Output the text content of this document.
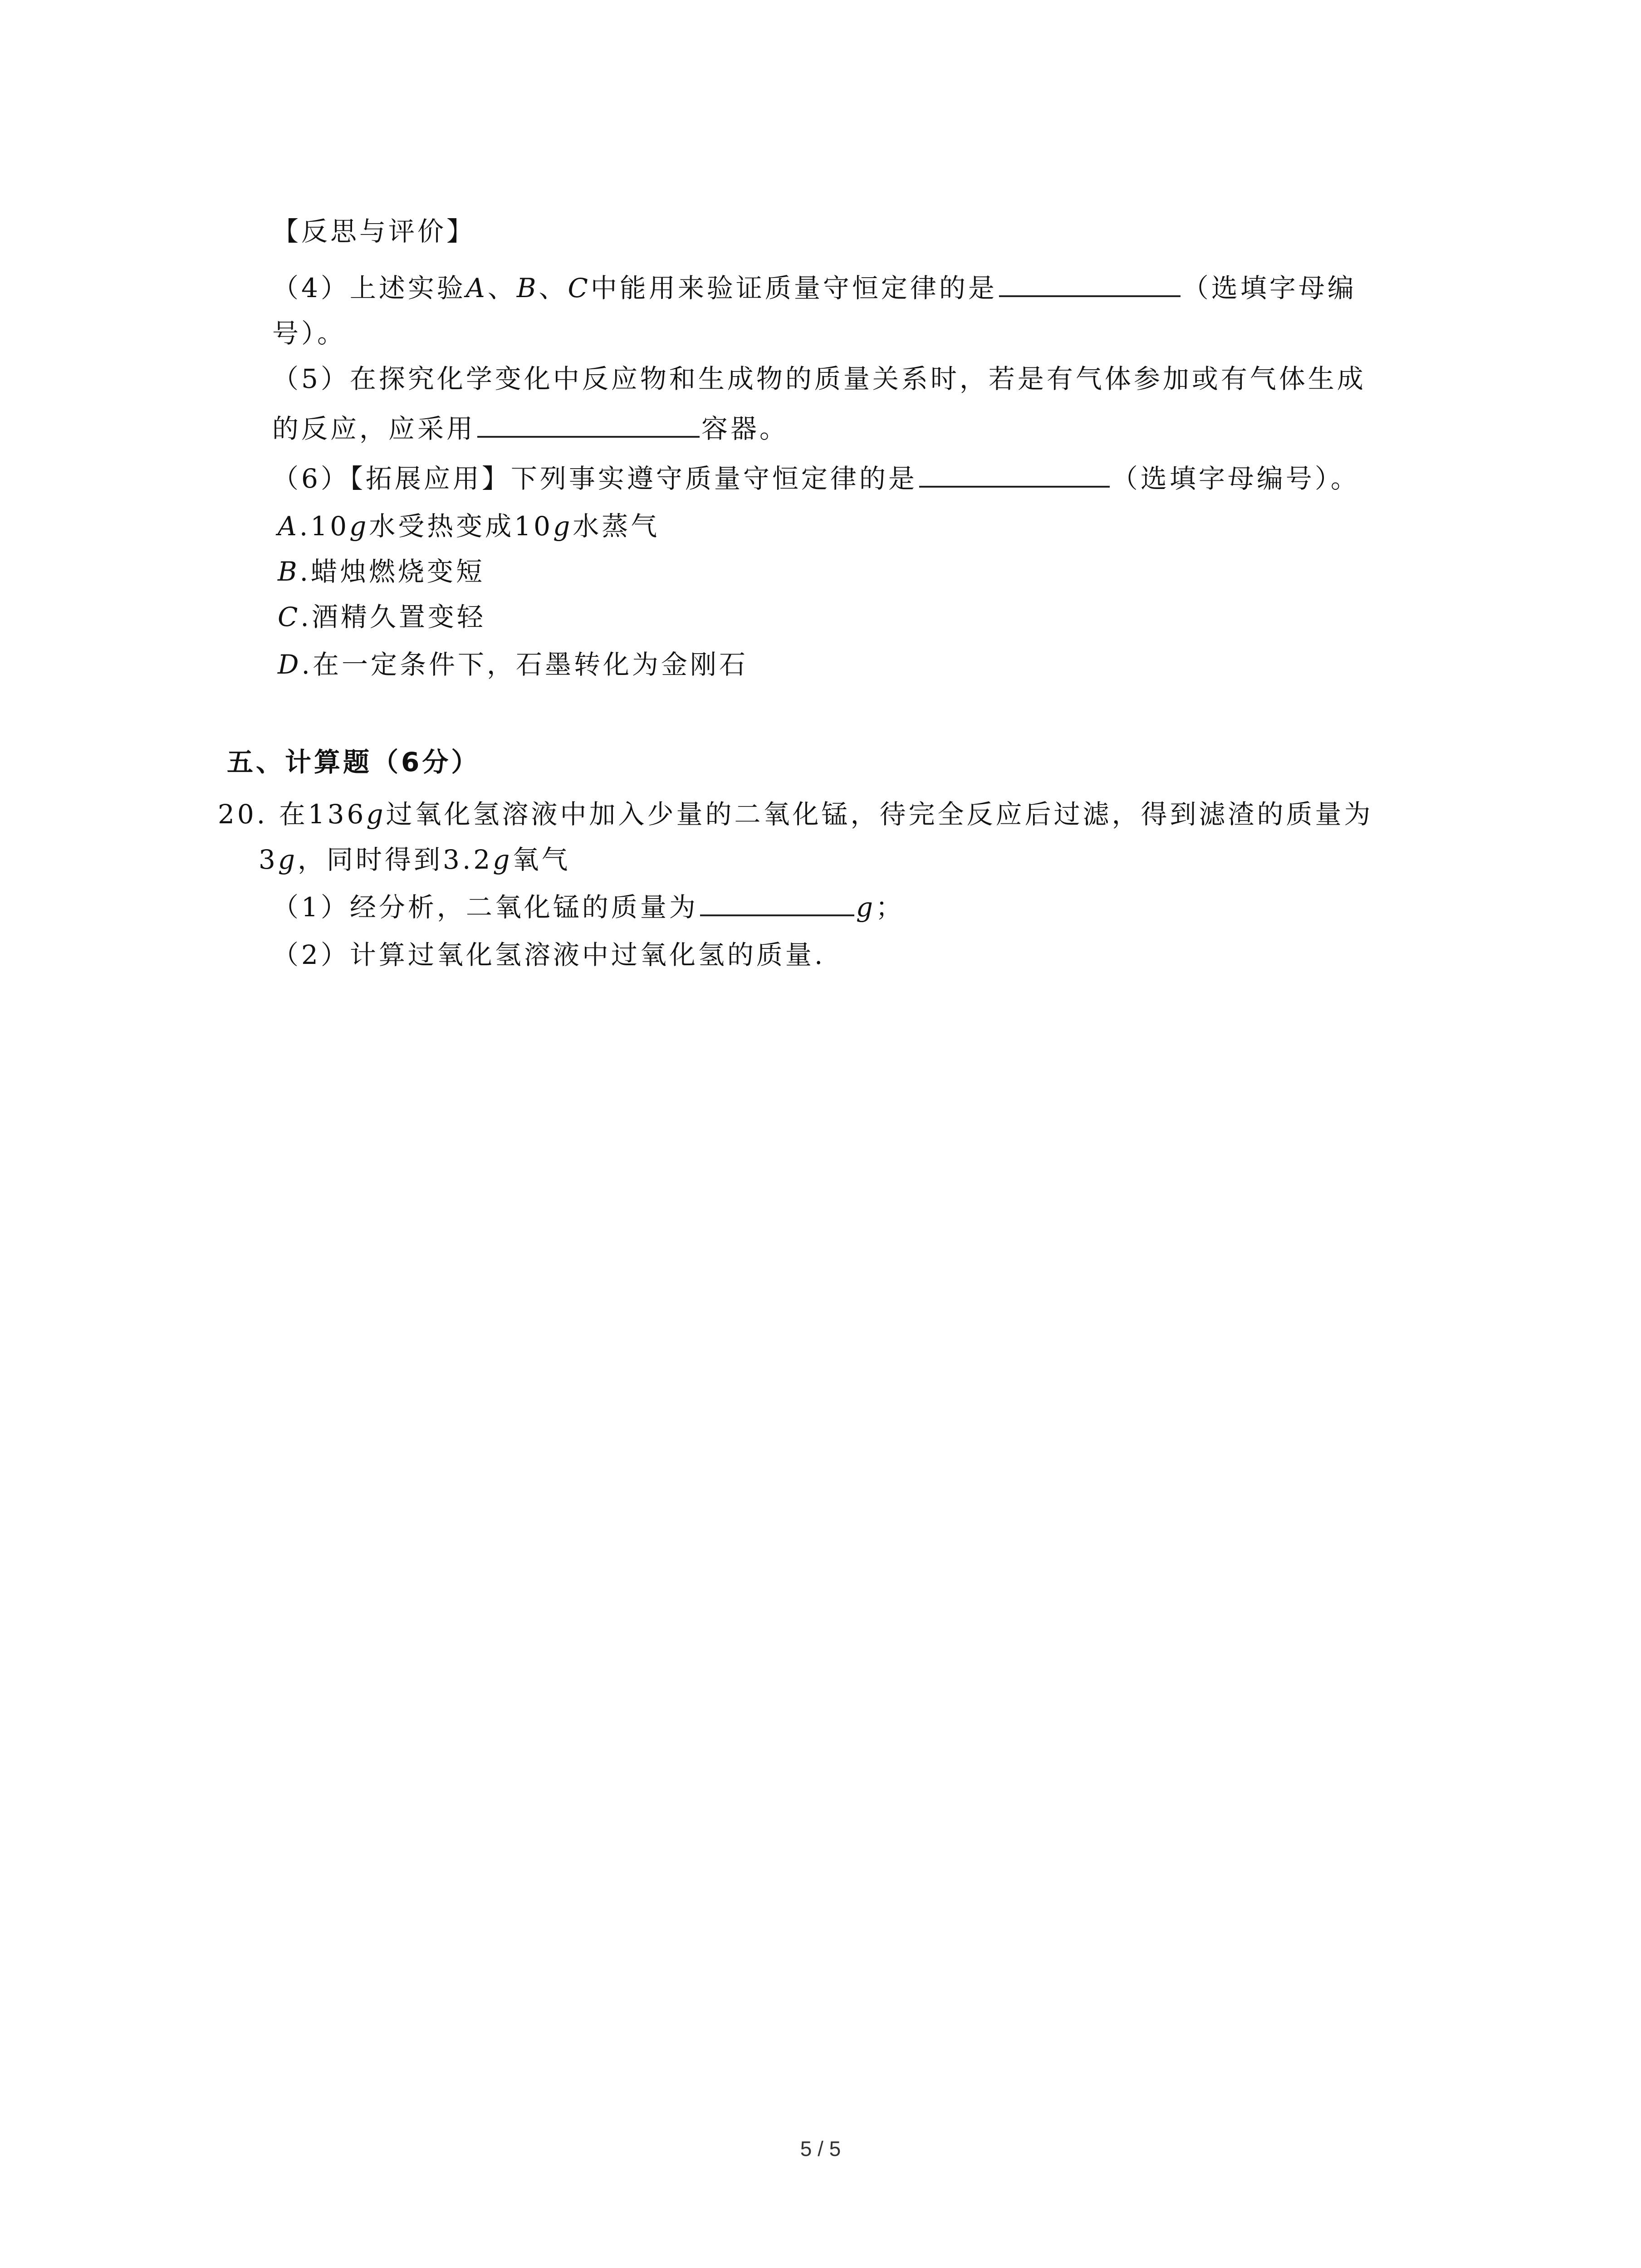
【反思与评价】
（4）上述实验A、B、C中能用来验证质量守恒定律的是	（选填字母编
号）。
（5）在探究化学变化中反应物和生成物的质量关系时，若是有气体参加或有气体生成
的反应，应采用	容器。
（6）【拓展应用】下列事实遵守质量守恒定律的是	（选填字母编号）。
A.10g水受热变成10g水蒸气
B.蜡烛燃烧变短
C.酒精久置变轻
D.在一定条件下，石墨转化为金刚石
五、计算题（6分）
20. 在136g过氧化氢溶液中加入少量的二氧化锰，待完全反应后过滤，得到滤渣的质量为
3g，同时得到3.2g氧气
（1）经分析，二氧化锰的质量为	g；
（2）计算过氧化氢溶液中过氧化氢的质量.
5 / 5
